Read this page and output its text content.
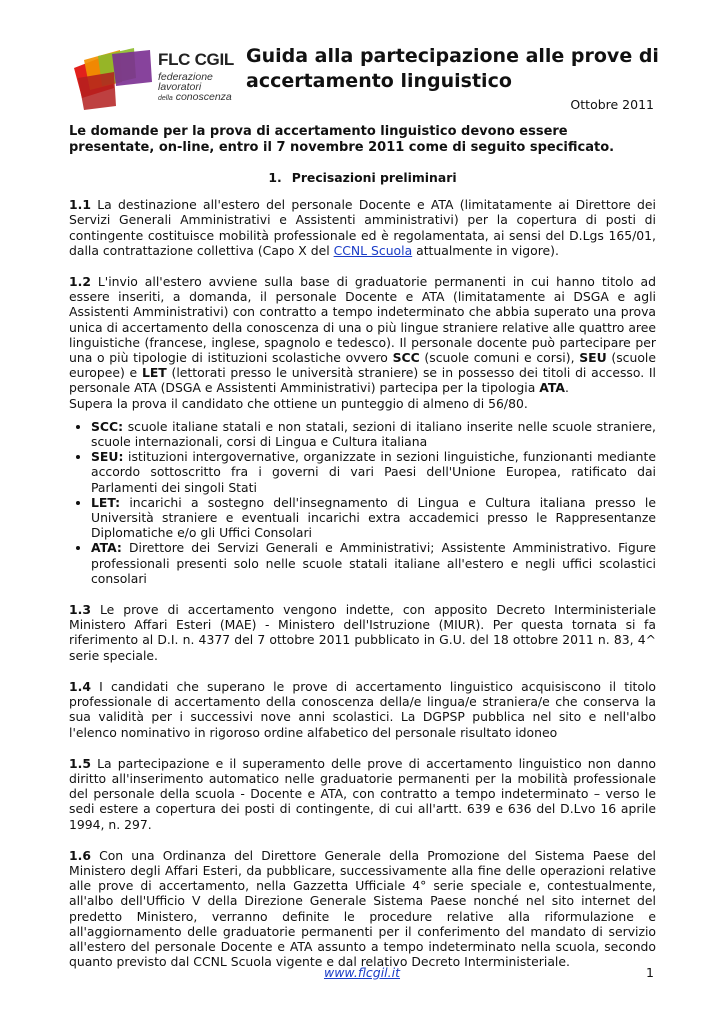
FLC CGIL
federazione
lavoratori
della conoscenza
Guida alla partecipazione alle prove di accertamento linguistico
Ottobre 2011
Le domande per la prova di accertamento linguistico devono essere presentate, on-line, entro il 7 novembre 2011 come di seguito specificato.
1. Precisazioni preliminari

1.1 La destinazione all'estero del personale Docente e ATA (limitatamente ai Direttore dei Servizi Generali Amministrativi e Assistenti amministrativi) per la copertura di posti di contingente costituisce mobilità professionale ed è regolamentata, ai sensi del D.Lgs 165/01, dalla contrattazione collettiva (Capo X del CCNL Scuola attualmente in vigore).

1.2 L'invio all'estero avviene sulla base di graduatorie permanenti in cui hanno titolo ad essere inseriti, a domanda, il personale Docente e ATA (limitatamente ai DSGA e agli Assistenti Amministrativi) con contratto a tempo indeterminato che abbia superato una prova unica di accertamento della conoscenza di una o più lingue straniere relative alle quattro aree linguistiche (francese, inglese, spagnolo e tedesco). Il personale docente può partecipare per una o più tipologie di istituzioni scolastiche ovvero SCC (scuole comuni e corsi), SEU (scuole europee) e LET (lettorati presso le università straniere) se in possesso dei titoli di accesso. Il personale ATA (DSGA e Assistenti Amministrativi) partecipa per la tipologia ATA.
Supera la prova il candidato che ottiene un punteggio di almeno di 56/80.

• SCC: scuole italiane statali e non statali, sezioni di italiano inserite nelle scuole straniere, scuole internazionali, corsi di Lingua e Cultura italiana
• SEU: istituzioni intergovernative, organizzate in sezioni linguistiche, funzionanti mediante accordo sottoscritto fra i governi di vari Paesi dell'Unione Europea, ratificato dai Parlamenti dei singoli Stati
• LET: incarichi a sostegno dell'insegnamento di Lingua e Cultura italiana presso le Università straniere e eventuali incarichi extra accademici presso le Rappresentanze Diplomatiche e/o gli Uffici Consolari
• ATA: Direttore dei Servizi Generali e Amministrativi; Assistente Amministrativo. Figure professionali presenti solo nelle scuole statali italiane all'estero e negli uffici scolastici consolari

1.3 Le prove di accertamento vengono indette, con apposito Decreto Interministeriale Ministero Affari Esteri (MAE) - Ministero dell'Istruzione (MIUR). Per questa tornata si fa riferimento al D.I. n. 4377 del 7 ottobre 2011 pubblicato in G.U. del 18 ottobre 2011 n. 83, 4^ serie speciale.

1.4 I candidati che superano le prove di accertamento linguistico acquisiscono il titolo professionale di accertamento della conoscenza della/e lingua/e straniera/e che conserva la sua validità per i successivi nove anni scolastici. La DGPSP pubblica nel sito e nell'albo l'elenco nominativo in rigoroso ordine alfabetico del personale risultato idoneo

1.5 La partecipazione e il superamento delle prove di accertamento linguistico non danno diritto all'inserimento automatico nelle graduatorie permanenti per la mobilità professionale del personale della scuola - Docente e ATA, con contratto a tempo indeterminato – verso le sedi estere a copertura dei posti di contingente, di cui all'artt. 639 e 636 del D.Lvo 16 aprile 1994, n. 297.

1.6 Con una Ordinanza del Direttore Generale della Promozione del Sistema Paese del Ministero degli Affari Esteri, da pubblicare, successivamente alla fine delle operazioni relative alle prove di accertamento, nella Gazzetta Ufficiale 4° serie speciale e, contestualmente, all'albo dell'Ufficio V della Direzione Generale Sistema Paese nonché nel sito internet del predetto Ministero, verranno definite le procedure relative alla riformulazione e all'aggiornamento delle graduatorie permanenti per il conferimento del mandato di servizio all'estero del personale Docente e ATA assunto a tempo indeterminato nella scuola, secondo quanto previsto dal CCNL Scuola vigente e dal relativo Decreto Interministeriale.

www.flcgil.it	1
